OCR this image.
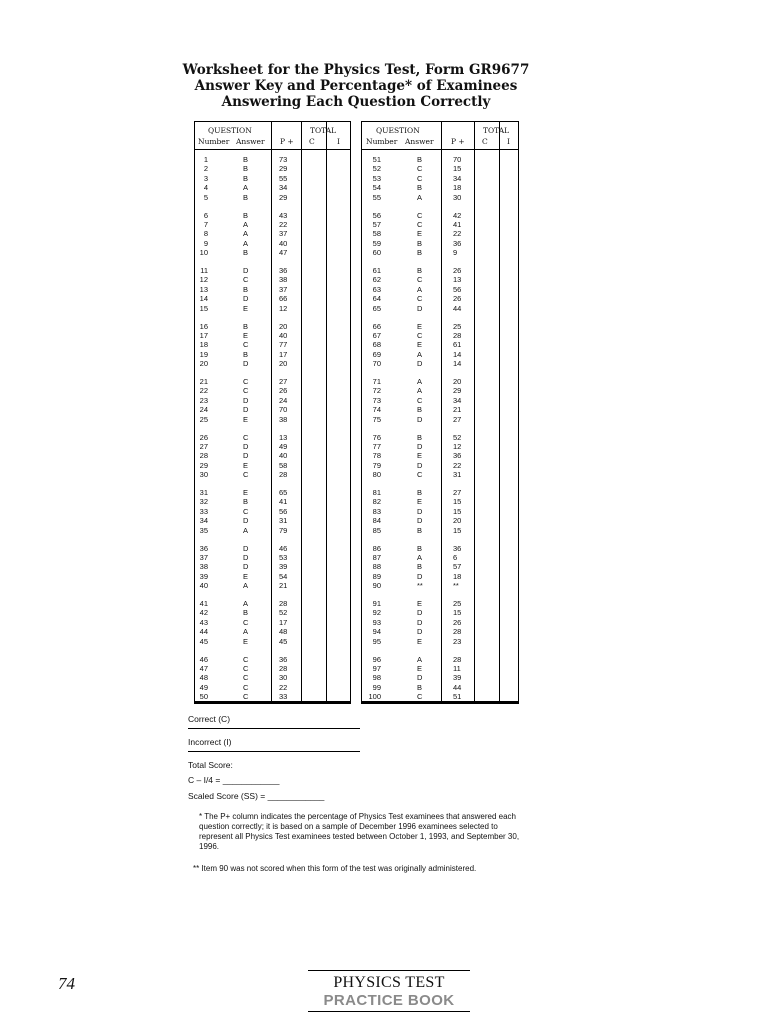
Worksheet for the Physics Test, Form GR9677
Answer Key and Percentage* of Examinees
Answering Each Question Correctly
QUESTION
Number Answer P +
TOTAL
C	I
1	B	73
2	B	29
3	B	55
4	A	34
5	B	29
6	B	43
7	A	22
8	A	37
9	A	40
10	B	47
11	D	36
12	C	38
13	B	37
14	D	66
15	E	12
16	B	20
17	E	40
18	C	77
19	B	17
20	D	20
21	C	27
22	C	26
23	D	24
24	D	70
25	E	38
26	C	13
27	D	49
28	D	40
29	E	58
30	C	28
31	E	65
32	B	41
33	C	56
34	D	31
35	A	79
36	D	46
37	D	53
38	D	39
39	E	54
40	A	21
41	A	28
42	B	52
43	C	17
44	A	48
45	E	45
46	C	36
47	C	28
48	C	30
49	C	22
50	C	33
QUESTION
Number Answer P +
TOTAL
C	I
51	B	70
52	C	15
53	C	34
54	B	18
55	A	30
56	C	42
57	C	41
58	E	22
59	B	36
60	B	9
61	B	26
62	C	13
63	A	56
64	C	26
65	D	44
66	E	25
67	C	28
68	E	61
69	A	14
70	D	14
71	A	20
72	A	29
73	C	34
74	B	21
75	D	27
76	B	52
77	D	12
78	E	36
79	D	22
80	C	31
81	B	27
82	E	15
83	D	15
84	D	20
85	B	15
86	B	36
87	A	6
88	B	57
89	D	18
90	**	**
91	E	25
92	D	15
93	D	26
94	D	28
95	E	23
96	A	28
97	E	11
98	D	39
99	B	44
100	C	51
Correct (C)
Incorrect (I)
Total Score:
C – I/4 = ____________
Scaled Score (SS) = ____________
* The P+ column indicates the percentage of Physics Test examinees that answered each question correctly; it is based on a sample of December 1996 examinees selected to represent all Physics Test examinees tested between October 1, 1993, and September 30, 1996.
** Item 90 was not scored when this form of the test was originally administered.
74	PHYSICS TEST
PRACTICE BOOK
